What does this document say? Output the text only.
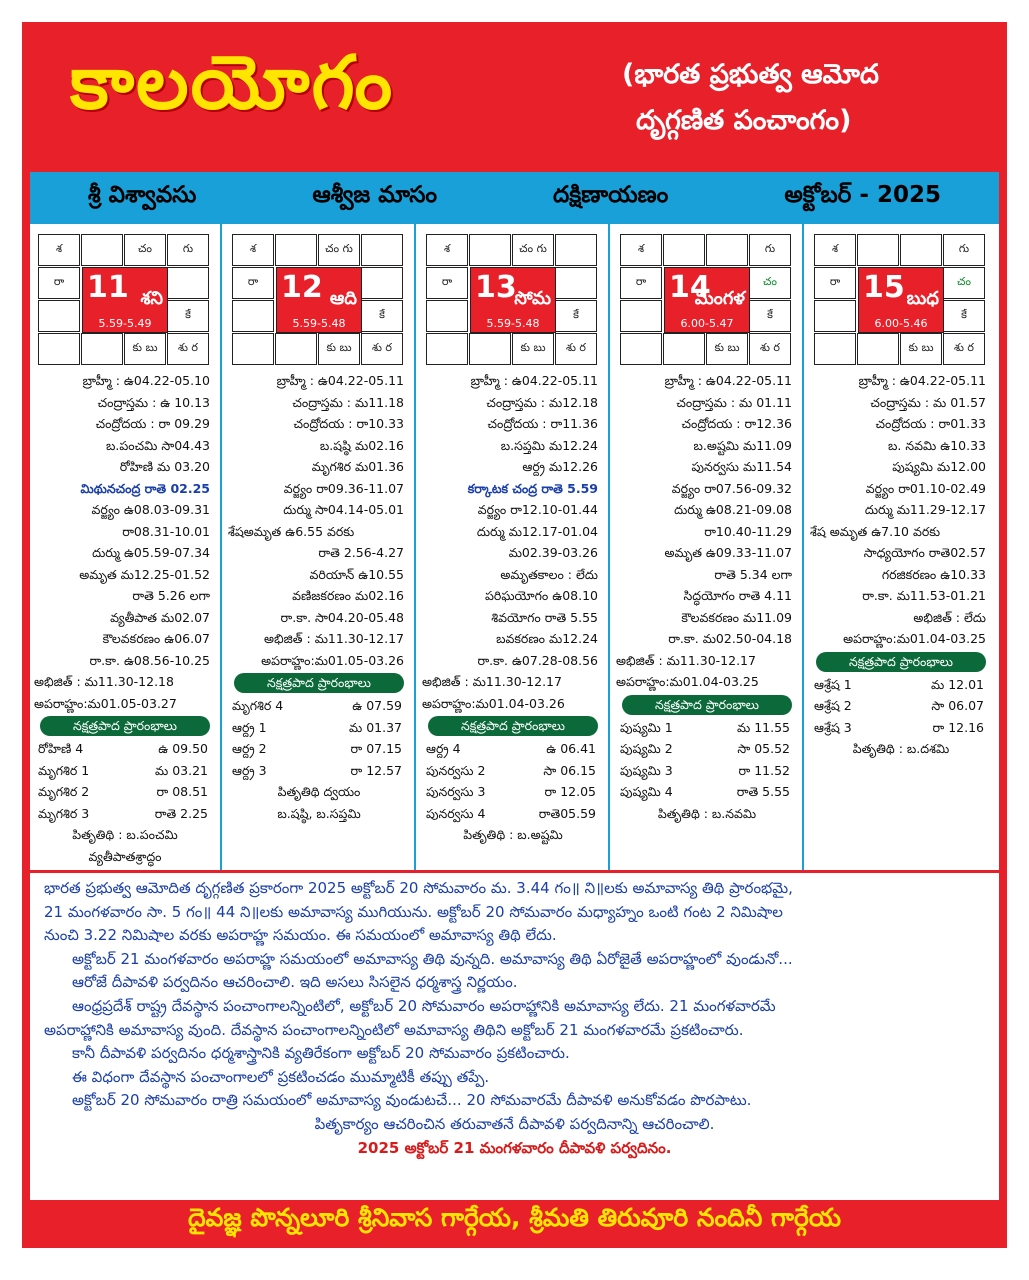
కాలయోగం	(భారత ప్రభుత్వ ఆమోద
దృగ్గణిత పంచాంగం)
శ్రీ విశ్వావసు	ఆశ్వీజ మాసం	దక్షిణాయణం	అక్టోబర్ - 2025
శ	చం	గు
రా
కే
కు బు	శు ర
11 శని
5.59-5.49
బ్రాహ్మీ : ఉ04.22-05.10
చంద్రాస్తమ : ఉ 10.13
చంద్రోదయ : రా 09.29
బ.పంచమి సా04.43
రోహిణి మ 03.20
మిథునచంద్ర రాతె 02.25
వర్జ్యం ఉ08.03-09.31
రా08.31-10.01
దుర్ము ఉ05.59-07.34
అమృత మ12.25-01.52
రాతె 5.26 లగా
వ్యతీపాత మ02.07
కౌలవకరణం ఉ06.07
రా.కా. ఉ08.56-10.25
అభిజిత్ : మ11.30-12.18
అపరాహ్ణం:మ01.05-03.27
నక్షత్రపాద ప్రారంభాలు
రోహిణి 4	ఉ 09.50
మృగశిర 1	మ 03.21
మృగశిర 2	రా 08.51
మృగశిర 3	రాతె 2.25
పితృతిథి : బ.పంచమి
వ్యతీపాతశ్రాద్ధం
శ	చం గు
రా
కే
కు బు	శు ర
12 ఆది
5.59-5.48
బ్రాహ్మీ : ఉ04.22-05.11
చంద్రాస్తమ : మ11.18
చంద్రోదయ : రా10.33
బ.షష్ఠి మ02.16
మృగశిర మ01.36
వర్జ్యం రా09.36-11.07
దుర్ము సా04.14-05.01
శేషఅమృత ఉ6.55 వరకు
రాతె 2.56-4.27
వరియాన్ ఉ10.55
వణిజకరణం మ02.16
రా.కా. సా04.20-05.48
అభిజిత్ : మ11.30-12.17
అపరాహ్ణం:మ01.05-03.26
నక్షత్రపాద ప్రారంభాలు
మృగశిర 4	ఉ 07.59
ఆర్ద్ర 1	మ 01.37
ఆర్ద్ర 2	రా 07.15
ఆర్ద్ర 3	రా 12.57
పితృతిథి ద్వయం
బ.షష్ఠి, బ.సప్తమి
శ	చం గు
రా
కే
కు బు	శు ర
13
సోమ
5.59-5.48
బ్రాహ్మీ : ఉ04.22-05.11
చంద్రాస్తమ : మ12.18
చంద్రోదయ : రా11.36
బ.సప్తమి మ12.24
ఆర్ద్ర మ12.26
కర్కాటక చంద్ర రాతె 5.59
వర్జ్యం రా12.10-01.44
దుర్ము మ12.17-01.04
మ02.39-03.26
అమృతకాలం : లేదు
పరిఘయోగం ఉ08.10
శివయోగం రాతె 5.55
బవకరణం మ12.24
రా.కా. ఉ07.28-08.56
అభిజిత్ : మ11.30-12.17
అపరాహ్ణం:మ01.04-03.26
నక్షత్రపాద ప్రారంభాలు
ఆర్ద్ర 4	ఉ 06.41
పునర్వసు 2	సా 06.15
పునర్వసు 3	రా 12.05
పునర్వసు 4	రాతె05.59
పితృతిథి : బ.అష్టమి
శ	గు
రా	చం
కే
కు బు	శు ర
14
మంగళ
6.00-5.47
బ్రాహ్మీ : ఉ04.22-05.11
చంద్రాస్తమ : మ 01.11
చంద్రోదయ : రా12.36
బ.అష్టమి మ11.09
పునర్వసు మ11.54
వర్జ్యం రా07.56-09.32
దుర్ము ఉ08.21-09.08
రా10.40-11.29
అమృత ఉ09.33-11.07
రాతె 5.34 లగా
సిద్ధయోగం రాతె 4.11
కౌలవకరణం మ11.09
రా.కా. మ02.50-04.18
అభిజిత్ : మ11.30-12.17
అపరాహ్ణం:మ01.04-03.25
నక్షత్రపాద ప్రారంభాలు
పుష్యమి 1	మ 11.55
పుష్యమి 2	సా 05.52
పుష్యమి 3	రా 11.52
పుష్యమి 4	రాతె 5.55
పితృతిథి : బ.నవమి
శ	గు
రా	చం
కే
కు బు	శు ర
15 బుధ
6.00-5.46
బ్రాహ్మీ : ఉ04.22-05.11
చంద్రాస్తమ : మ 01.57
చంద్రోదయ : రా01.33
బ. నవమి ఉ10.33
పుష్యమి మ12.00
వర్జ్యం రా01.10-02.49
దుర్ము మ11.29-12.17
శేష అమృత ఉ7.10 వరకు
సాధ్యయోగం రాతె02.57
గరజికరణం ఉ10.33
రా.కా. మ11.53-01.21
అభిజిత్ : లేదు
అపరాహ్ణం:మ01.04-03.25
నక్షత్రపాద ప్రారంభాలు
ఆశ్రేష 1	మ 12.01
ఆశ్రేష 2	సా 06.07
ఆశ్రేష 3	రా 12.16
పితృతిథి : బ.దశమి

భారత ప్రభుత్వ ఆమోదిత దృగ్గణిత ప్రకారంగా 2025 అక్టోబర్ 20 సోమవారం మ. 3.44 గం॥ ని॥లకు అమావాస్య తిథి ప్రారంభమై,

21 మంగళవారం సా. 5 గం॥ 44 ని॥లకు అమావాస్య ముగియును. అక్టోబర్ 20 సోమవారం మధ్యాహ్నం ఒంటి గంట 2 నిమిషాల

నుంచి 3.22 నిమిషాల వరకు అపరాహ్ణ సమయం. ఈ సమయంలో అమావాస్య తిథి లేదు.

అక్టోబర్ 21 మంగళవారం అపరాహ్ణ సమయంలో అమావాస్య తిథి వున్నది. అమావాస్య తిథి ఏరోజైతే అపరాహ్ణంలో వుండునో...

ఆరోజే దీపావళి పర్వదినం ఆచరించాలి. ఇది అసలు సిసలైన ధర్మశాస్త్ర నిర్ణయం.

ఆంధ్రప్రదేశ్ రాష్ట్ర దేవస్థాన పంచాంగాలన్నింటిలో, అక్టోబర్ 20 సోమవారం అపరాహ్ణానికి అమావాస్య లేదు. 21 మంగళవారమే

అపరాహ్ణానికి అమావాస్య వుంది. దేవస్థాన పంచాంగాలన్నింటిలో అమావాస్య తిథిని అక్టోబర్ 21 మంగళవారమే ప్రకటించారు.

కానీ దీపావళి పర్వదినం ధర్మశాస్త్రానికి వ్యతిరేకంగా అక్టోబర్ 20 సోమవారం ప్రకటించారు.

ఈ విధంగా దేవస్థాన పంచాంగాలలో ప్రకటించడం ముమ్మాటికీ తప్పు తప్పే.

అక్టోబర్ 20 సోమవారం రాత్రి సమయంలో అమావాస్య వుండుటచే... 20 సోమవారమే దీపావళి అనుకోవడం పొరపాటు.

పితృకార్యం ఆచరించిన తరువాతనే దీపావళి పర్వదినాన్ని ఆచరించాలి.

2025 అక్టోబర్ 21 మంగళవారం దీపావళి పర్వదినం.

దైవజ్ఞ పొన్నలూరి శ్రీనివాస గార్గేయ, శ్రీమతి తిరువూరి నందినీ గార్గేయ
